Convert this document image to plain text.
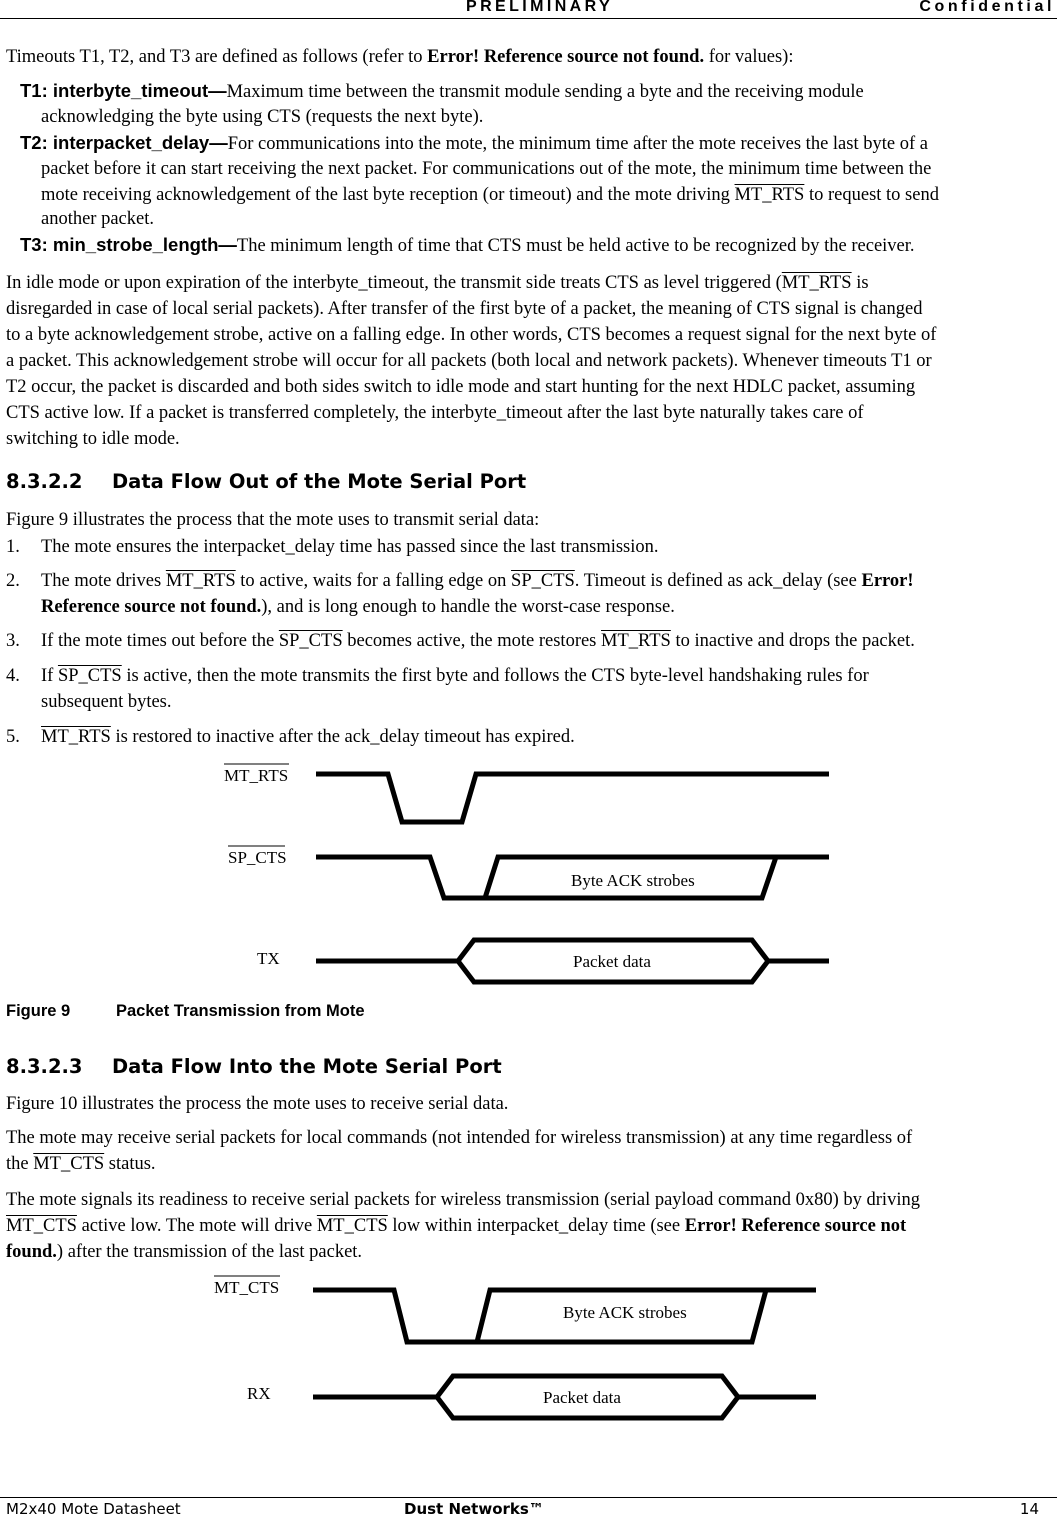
PRELIMINARY	Confidential
Timeouts T1, T2, and T3 are defined as follows (refer to Error! Reference source not found. for values):
T1: interbyte_timeout—Maximum time between the transmit module sending a byte and the receiving module
acknowledging the byte using CTS (requests the next byte).
T2: interpacket_delay—For communications into the mote, the minimum time after the mote receives the last byte of a
packet before it can start receiving the next packet. For communications out of the mote, the minimum time between the
mote receiving acknowledgement of the last byte reception (or timeout) and the mote driving MT_RTS to request to send
another packet.
T3: min_strobe_length—The minimum length of time that CTS must be held active to be recognized by the receiver.
In idle mode or upon expiration of the interbyte_timeout, the transmit side treats CTS as level triggered (MT_RTS is
disregarded in case of local serial packets). After transfer of the first byte of a packet, the meaning of CTS signal is changed
to a byte acknowledgement strobe, active on a falling edge. In other words, CTS becomes a request signal for the next byte of
a packet. This acknowledgement strobe will occur for all packets (both local and network packets). Whenever timeouts T1 or
T2 occur, the packet is discarded and both sides switch to idle mode and start hunting for the next HDLC packet, assuming
CTS active low. If a packet is transferred completely, the interbyte_timeout after the last byte naturally takes care of
switching to idle mode.
8.3.2.2 Data Flow Out of the Mote Serial Port
Figure 9 illustrates the process that the mote uses to transmit serial data:
1. The mote ensures the interpacket_delay time has passed since the last transmission.
2. The mote drives MT_RTS to active, waits for a falling edge on SP_CTS. Timeout is defined as ack_delay (see Error!
Reference source not found.), and is long enough to handle the worst-case response.
3. If the mote times out before the SP_CTS becomes active, the mote restores MT_RTS to inactive and drops the packet.
4. If SP_CTS is active, then the mote transmits the first byte and follows the CTS byte-level handshaking rules for
subsequent bytes.
5. MT_RTS is restored to inactive after the ack_delay timeout has expired.
MT_RTS
SP_CTS
TX
Byte ACK strobes
Packet data
Figure 9	Packet Transmission from Mote
8.3.2.3 Data Flow Into the Mote Serial Port
Figure 10 illustrates the process the mote uses to receive serial data.
The mote may receive serial packets for local commands (not intended for wireless transmission) at any time regardless of
the MT_CTS status.
The mote signals its readiness to receive serial packets for wireless transmission (serial payload command 0x80) by driving
MT_CTS active low. The mote will drive MT_CTS low within interpacket_delay time (see Error! Reference source not
found.) after the transmission of the last packet.
MT_CTS
RX
Byte ACK strobes
Packet data
M2x40 Mote Datasheet	Dust Networks™	14
